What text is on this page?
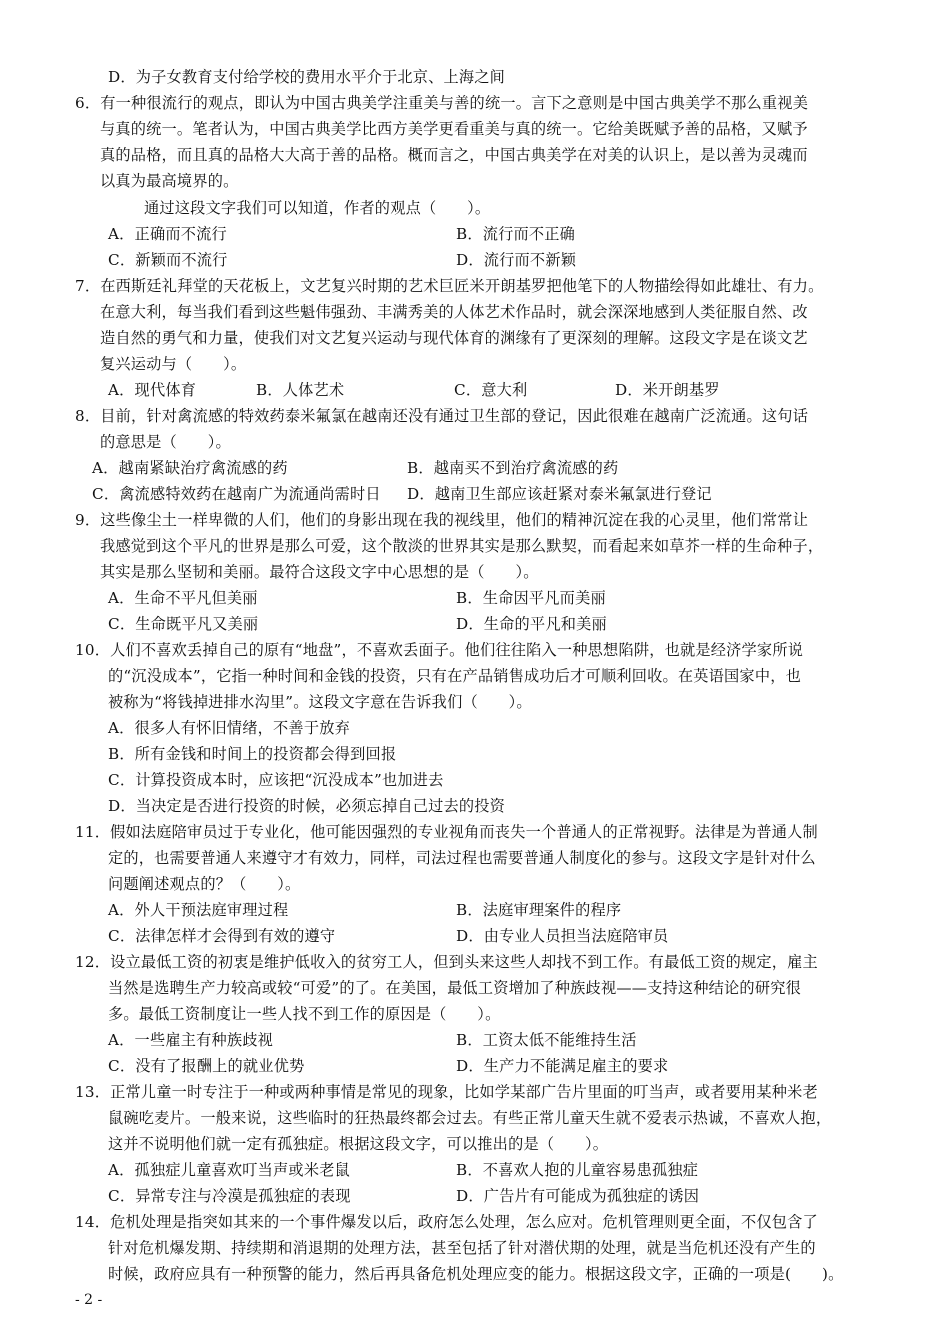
D．为子女教育支付给学校的费用水平介于北京、上海之间
6．有一种很流行的观点，即认为中国古典美学注重美与善的统一。言下之意则是中国古典美学不那么重视美
与真的统一。笔者认为，中国古典美学比西方美学更看重美与真的统一。它给美既赋予善的品格，又赋予
真的品格，而且真的品格大大高于善的品格。概而言之，中国古典美学在对美的认识上，是以善为灵魂而
以真为最高境界的。
通过这段文字我们可以知道，作者的观点（　　）。
A．正确而不流行	B．流行而不正确
C．新颖而不流行	D．流行而不新颖
7．在西斯廷礼拜堂的天花板上，文艺复兴时期的艺术巨匠米开朗基罗把他笔下的人物描绘得如此雄壮、有力。
在意大利，每当我们看到这些魁伟强劲、丰满秀美的人体艺术作品时，就会深深地感到人类征服自然、改
造自然的勇气和力量，使我们对文艺复兴运动与现代体育的渊缘有了更深刻的理解。这段文字是在谈文艺
复兴运动与（　　）。
A．现代体育	B．人体艺术	C．意大利	D．米开朗基罗
8．目前，针对禽流感的特效药泰米氟氯在越南还没有通过卫生部的登记，因此很难在越南广泛流通。这句话
的意思是（　　）。
A．越南紧缺治疗禽流感的药	B．越南买不到治疗禽流感的药
C．禽流感特效药在越南广为流通尚需时日 D．越南卫生部应该赶紧对泰米氟氯进行登记
9．这些像尘土一样卑微的人们，他们的身影出现在我的视线里，他们的精神沉淀在我的心灵里，他们常常让
我感觉到这个平凡的世界是那么可爱，这个散淡的世界其实是那么默契，而看起来如草芥一样的生命种子，
其实是那么坚韧和美丽。最符合这段文字中心思想的是（　　）。
A．生命不平凡但美丽	B．生命因平凡而美丽
C．生命既平凡又美丽	D．生命的平凡和美丽
10．人们不喜欢丢掉自己的原有“地盘”，不喜欢丢面子。他们往往陷入一种思想陷阱，也就是经济学家所说
的“沉没成本”，它指一种时间和金钱的投资，只有在产品销售成功后才可顺利回收。在英语国家中，也
被称为“将钱掉进排水沟里”。这段文字意在告诉我们（　　）。
A．很多人有怀旧情绪，不善于放弃
B．所有金钱和时间上的投资都会得到回报
C．计算投资成本时，应该把“沉没成本”也加进去
D．当决定是否进行投资的时候，必须忘掉自己过去的投资
11．假如法庭陪审员过于专业化，他可能因强烈的专业视角而丧失一个普通人的正常视野。法律是为普通人制
定的，也需要普通人来遵守才有效力，同样，司法过程也需要普通人制度化的参与。这段文字是针对什么
问题阐述观点的？（　　）。
A．外人干预法庭审理过程	B．法庭审理案件的程序
C．法律怎样才会得到有效的遵守	D．由专业人员担当法庭陪审员
12．设立最低工资的初衷是维护低收入的贫穷工人，但到头来这些人却找不到工作。有最低工资的规定，雇主
当然是选聘生产力较高或较“可爱”的了。在美国，最低工资增加了种族歧视——支持这种结论的研究很
多。最低工资制度让一些人找不到工作的原因是（　　）。
A．一些雇主有种族歧视	B．工资太低不能维持生活
C．没有了报酬上的就业优势	D．生产力不能满足雇主的要求
13．正常儿童一时专注于一种或两种事情是常见的现象，比如学某部广告片里面的叮当声，或者要用某种米老
鼠碗吃麦片。一般来说，这些临时的狂热最终都会过去。有些正常儿童天生就不爱表示热诚，不喜欢人抱，
这并不说明他们就一定有孤独症。根据这段文字，可以推出的是（　　）。
A．孤独症儿童喜欢叮当声或米老鼠	B．不喜欢人抱的儿童容易患孤独症
C．异常专注与冷漠是孤独症的表现	D．广告片有可能成为孤独症的诱因
14．危机处理是指突如其来的一个事件爆发以后，政府怎么处理，怎么应对。危机管理则更全面，不仅包含了
针对危机爆发期、持续期和消退期的处理方法，甚至包括了针对潜伏期的处理，就是当危机还没有产生的
时候，政府应具有一种预警的能力，然后再具备危机处理应变的能力。根据这段文字，正确的一项是(　　)。
- 2 -
